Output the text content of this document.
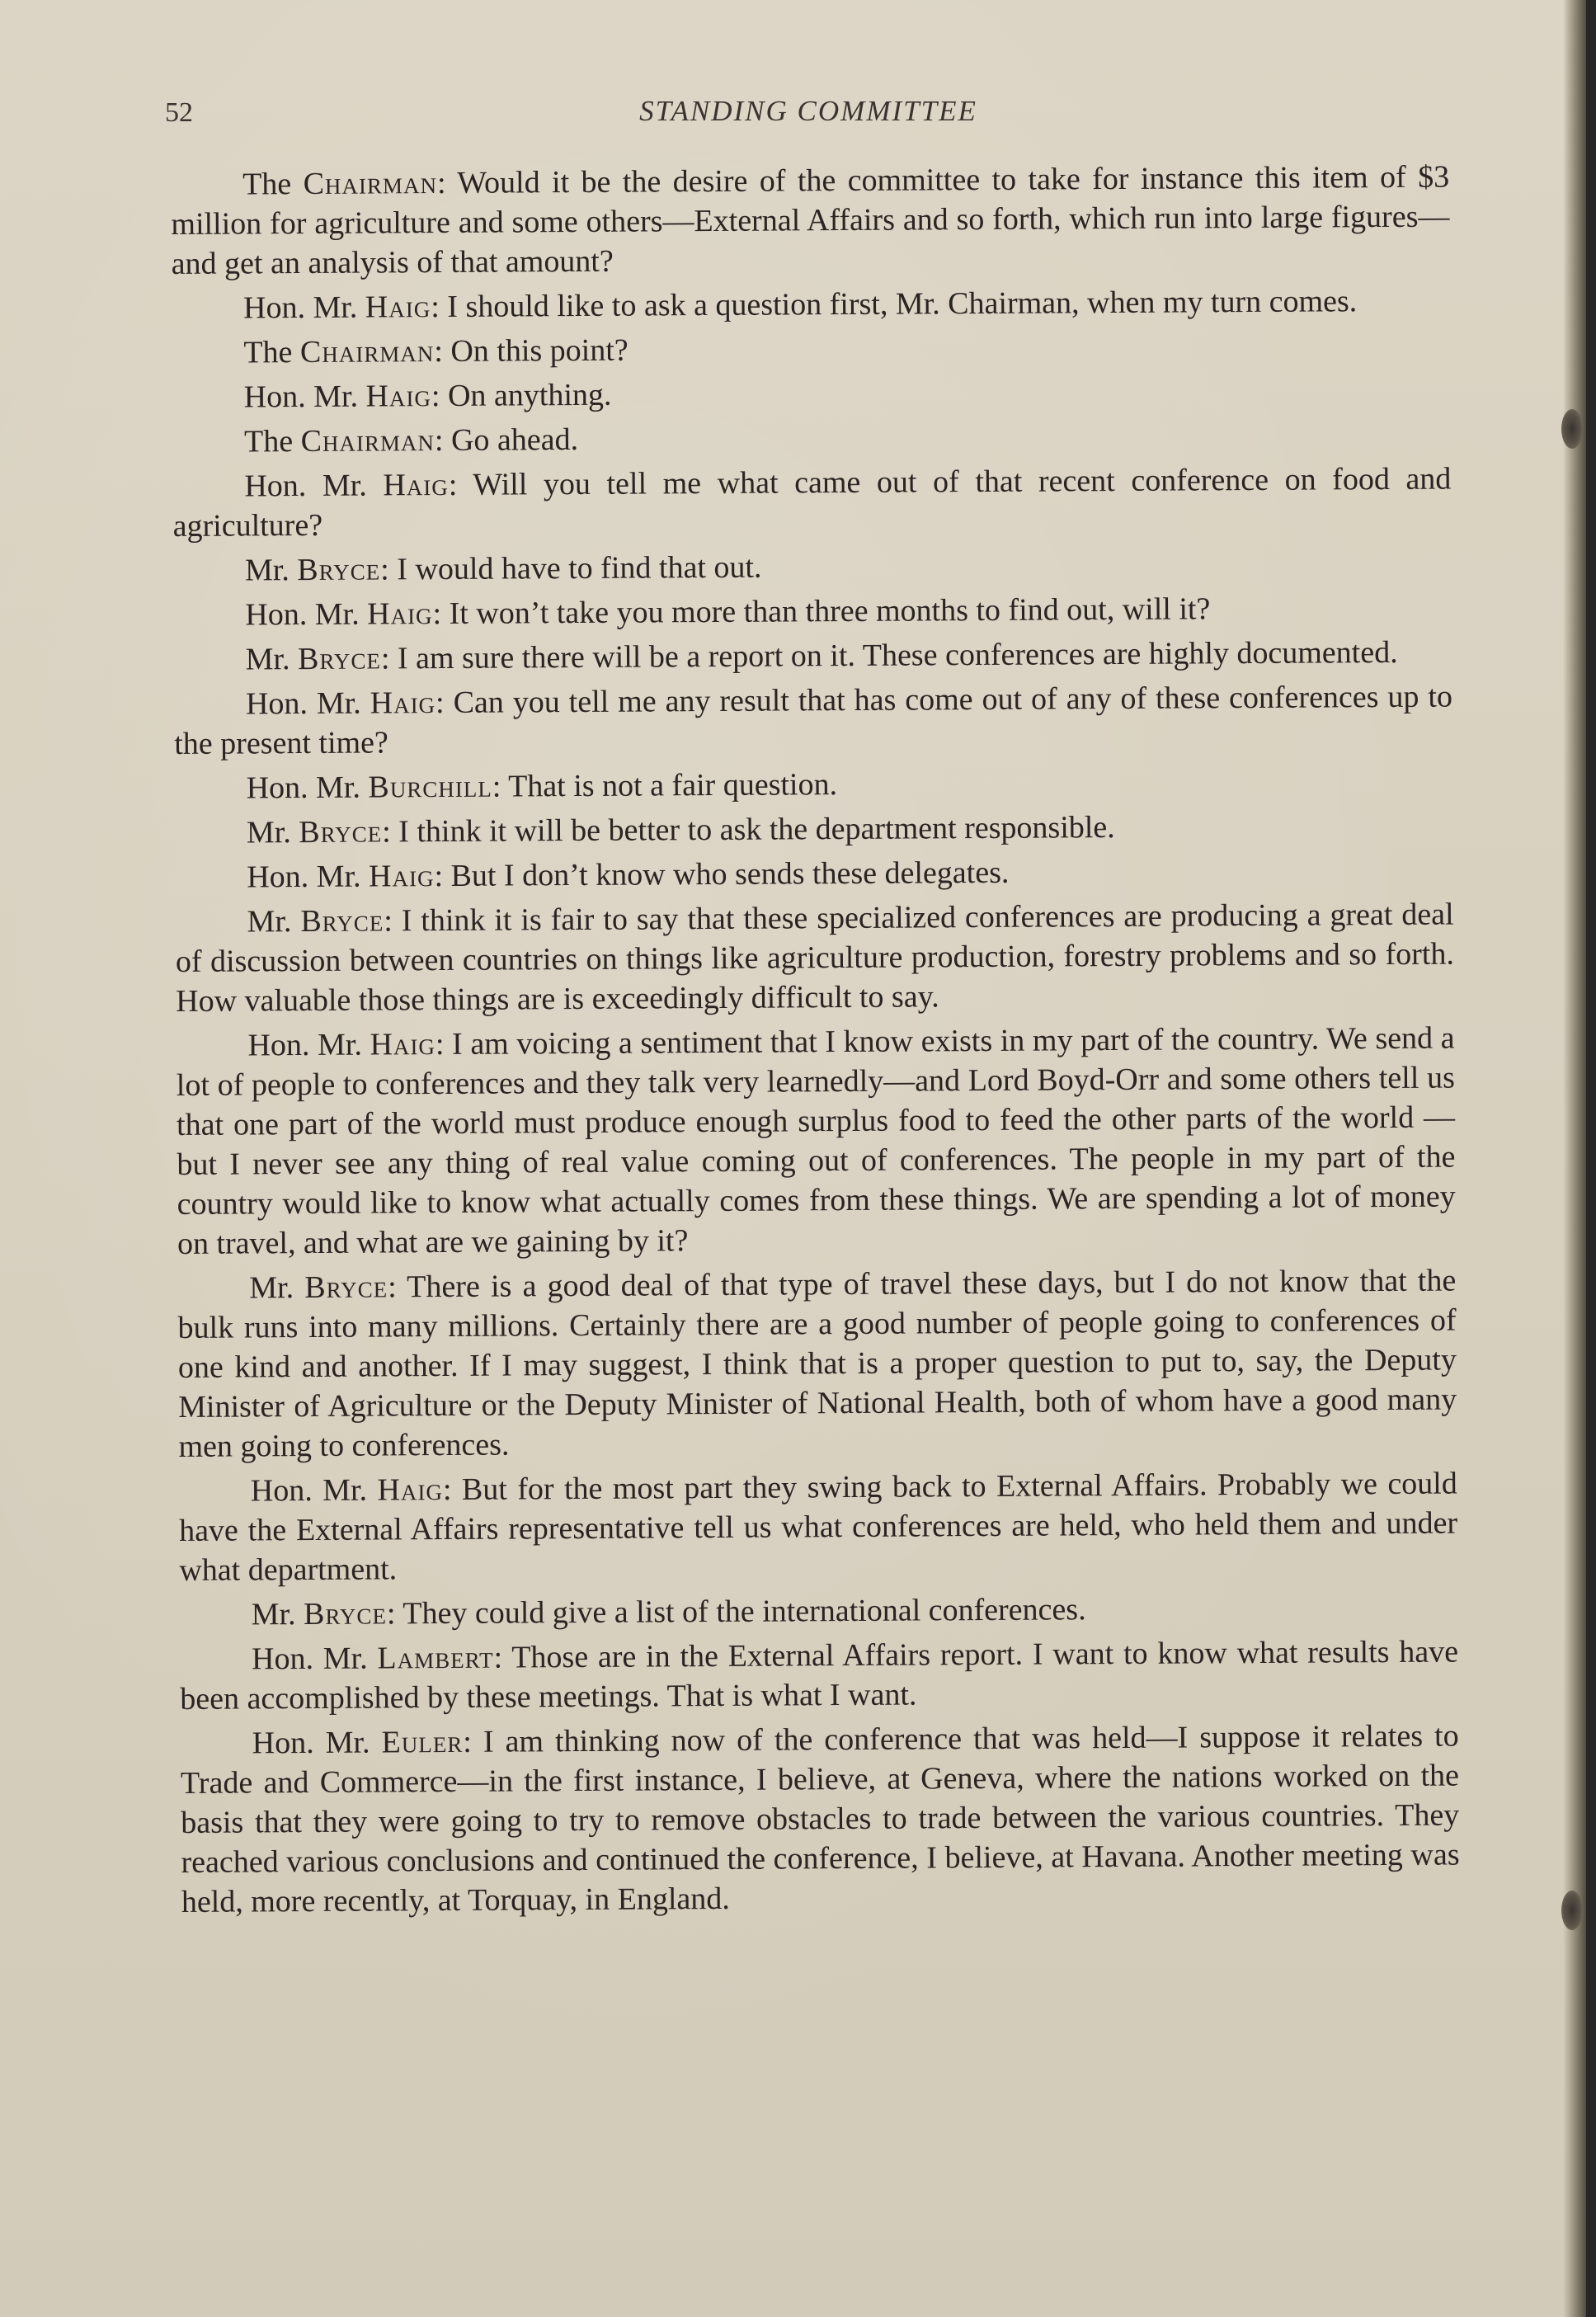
52	STANDING COMMITTEE

The Chairman: Would it be the desire of the committee to take for instance this item of $3 million for agriculture and some others—External Affairs and so forth, which run into large figures—and get an analysis of that amount?

Hon. Mr. Haig: I should like to ask a question first, Mr. Chairman, when my turn comes.

The Chairman: On this point?

Hon. Mr. Haig: On anything.

The Chairman: Go ahead.

Hon. Mr. Haig: Will you tell me what came out of that recent conference on food and agriculture?

Mr. Bryce: I would have to find that out.

Hon. Mr. Haig: It won’t take you more than three months to find out, will it?

Mr. Bryce: I am sure there will be a report on it. These conferences are highly documented.

Hon. Mr. Haig: Can you tell me any result that has come out of any of these conferences up to the present time?

Hon. Mr. Burchill: That is not a fair question.

Mr. Bryce: I think it will be better to ask the department responsible.

Hon. Mr. Haig: But I don’t know who sends these delegates.

Mr. Bryce: I think it is fair to say that these specialized conferences are producing a great deal of discussion between countries on things like agriculture production, forestry problems and so forth. How valuable those things are is exceedingly difficult to say.

Hon. Mr. Haig: I am voicing a sentiment that I know exists in my part of the country. We send a lot of people to conferences and they talk very learnedly—and Lord Boyd-Orr and some others tell us that one part of the world must produce enough surplus food to feed the other parts of the world —but I never see any thing of real value coming out of conferences. The people in my part of the country would like to know what actually comes from these things. We are spending a lot of money on travel, and what are we gaining by it?

Mr. Bryce: There is a good deal of that type of travel these days, but I do not know that the bulk runs into many millions. Certainly there are a good number of people going to conferences of one kind and another. If I may suggest, I think that is a proper question to put to, say, the Deputy Minister of Agriculture or the Deputy Minister of National Health, both of whom have a good many men going to conferences.

Hon. Mr. Haig: But for the most part they swing back to External Affairs. Probably we could have the External Affairs representative tell us what conferences are held, who held them and under what department.

Mr. Bryce: They could give a list of the international conferences.

Hon. Mr. Lambert: Those are in the External Affairs report. I want to know what results have been accomplished by these meetings. That is what I want.

Hon. Mr. Euler: I am thinking now of the conference that was held—I suppose it relates to Trade and Commerce—in the first instance, I believe, at Geneva, where the nations worked on the basis that they were going to try to remove obstacles to trade between the various countries. They reached various conclusions and continued the conference, I believe, at Havana. Another meeting was held, more recently, at Torquay, in England.
